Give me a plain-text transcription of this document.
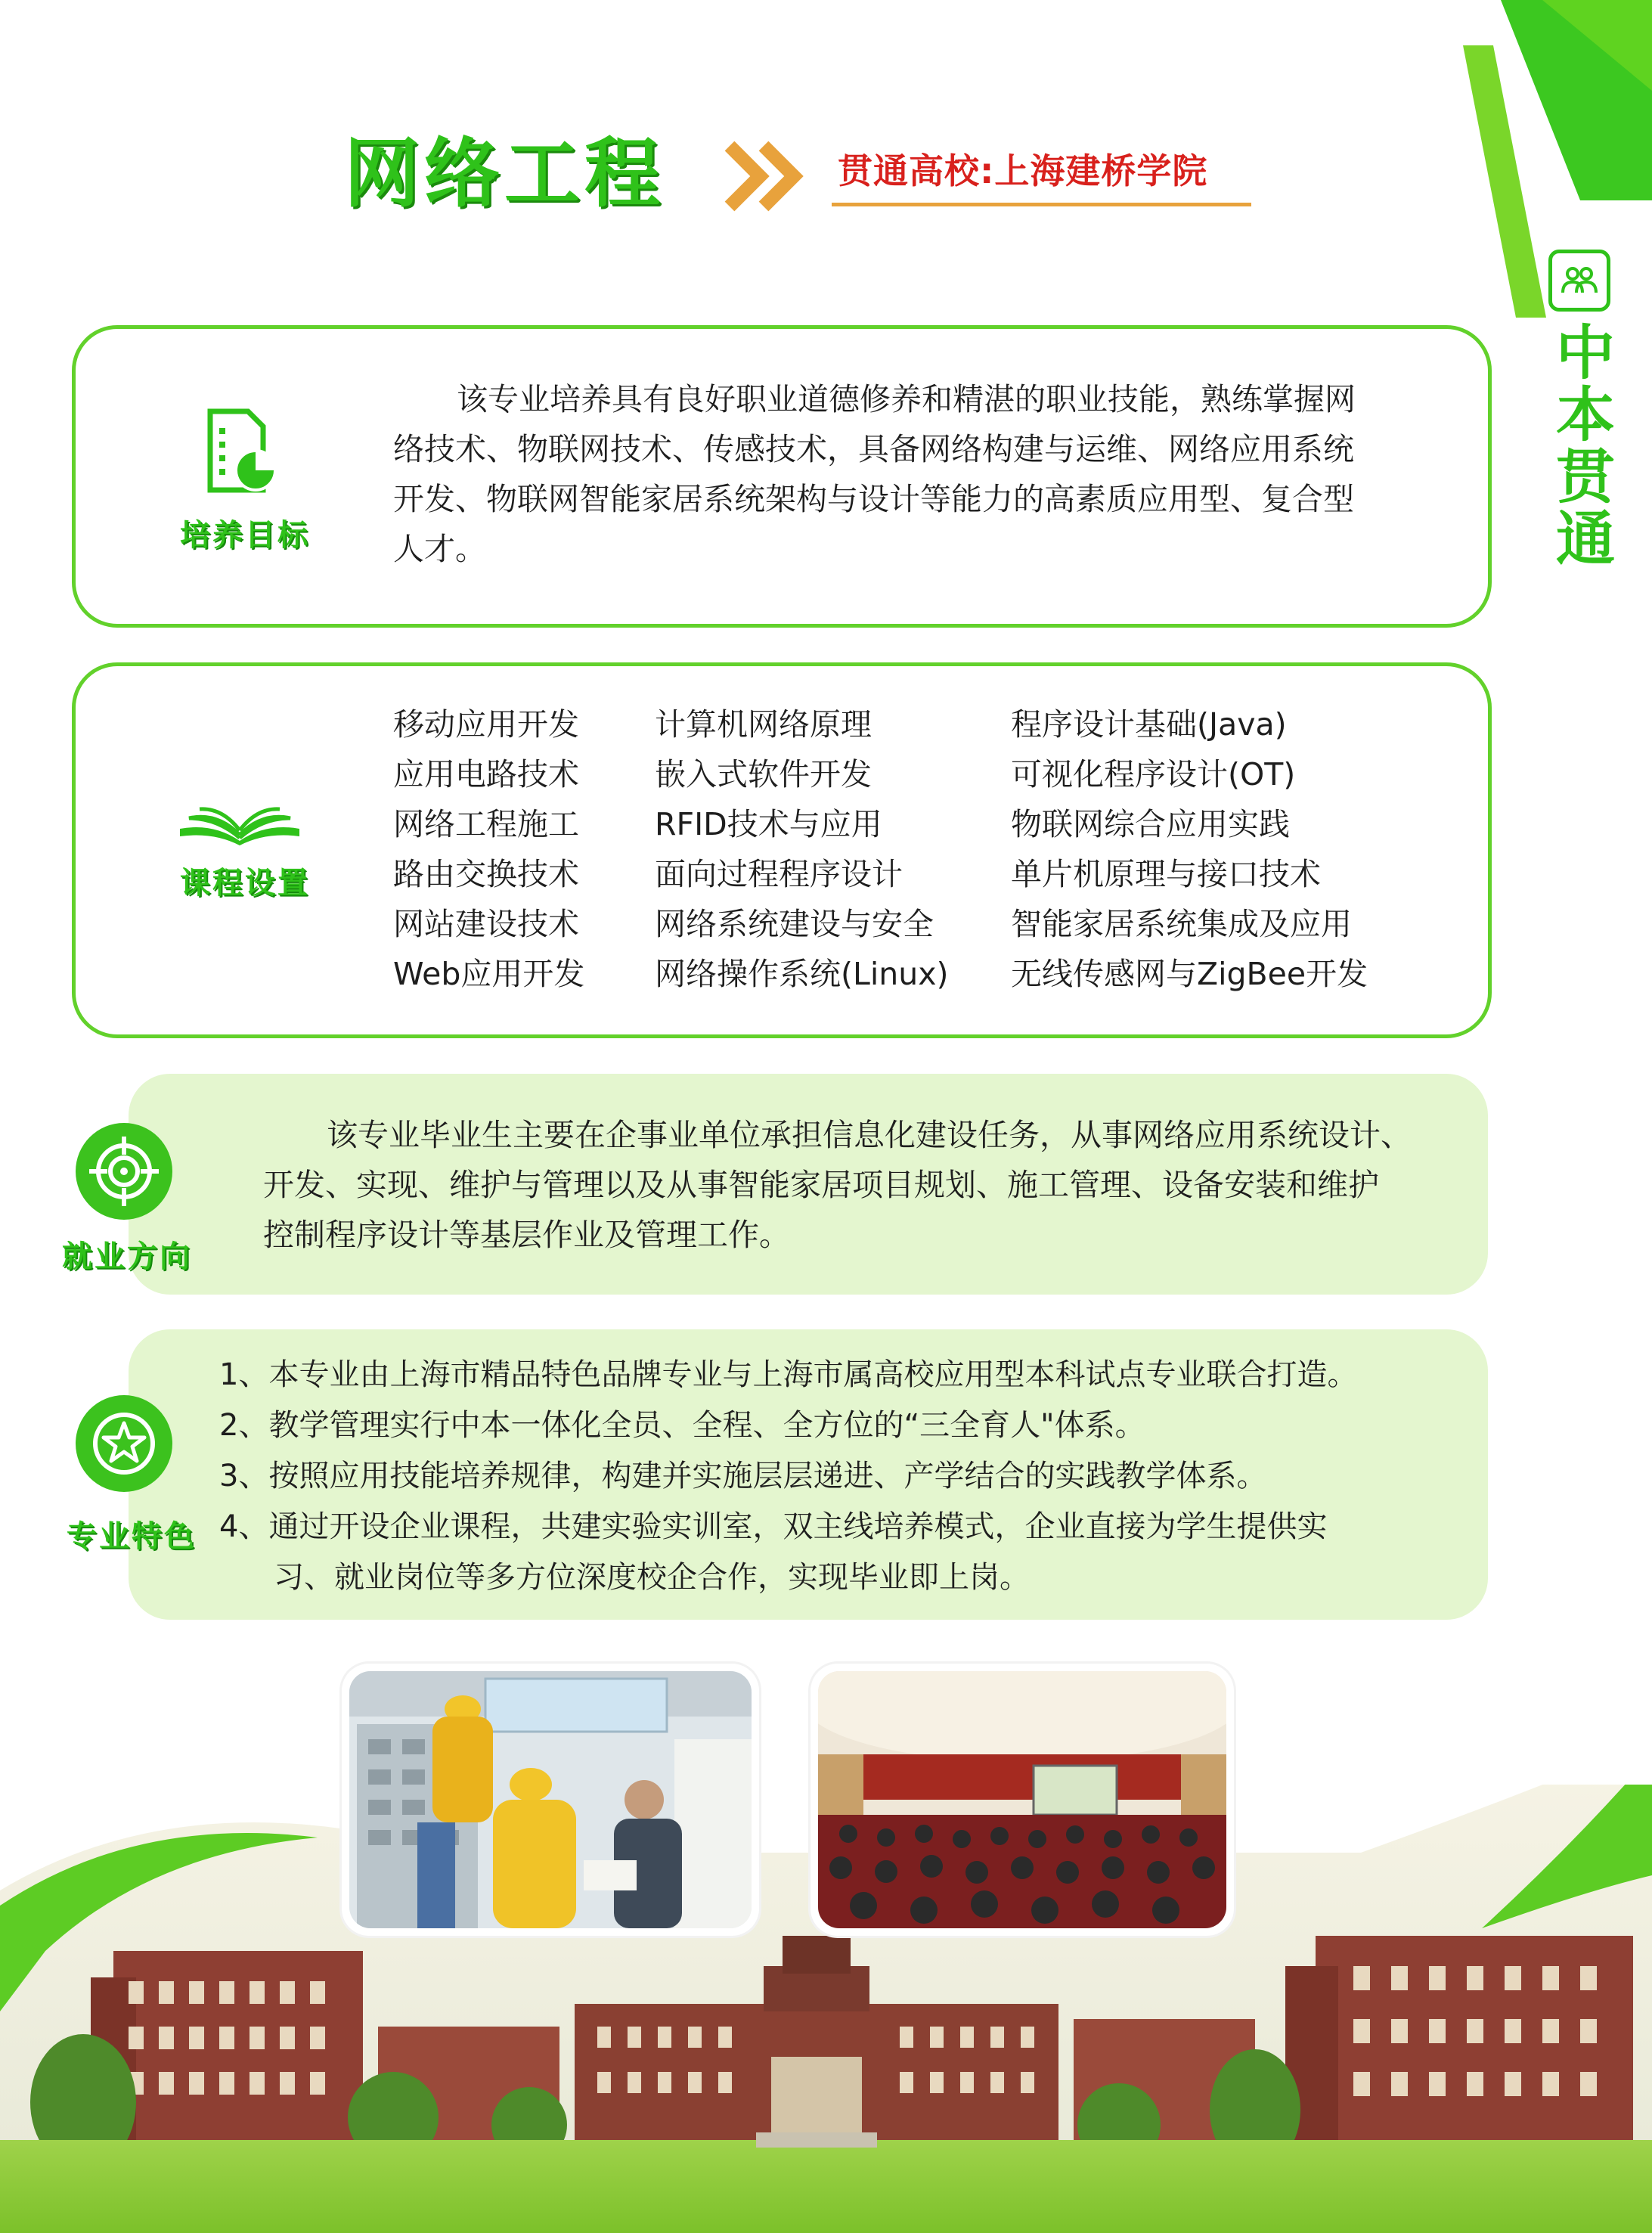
网络工程	贯通高校:上海建桥学院
中本贯通
培养目标
该专业培养具有良好职业道德修养和精湛的职业技能，熟练掌握网
络技术、物联网技术、传感技术，具备网络构建与运维、网络应用系统
开发、物联网智能家居系统架构与设计等能力的高素质应用型、复合型
人才。
课程设置
移动应用开发
应用电路技术
网络工程施工
路由交换技术
网站建设技术
Web应用开发
计算机网络原理
嵌入式软件开发
RFID技术与应用
面向过程程序设计
网络系统建设与安全
网络操作系统(Linux)
程序设计基础(Java)
可视化程序设计(OT)
物联网综合应用实践
单片机原理与接口技术
智能家居系统集成及应用
无线传感网与ZigBee开发
就业方向
该专业毕业生主要在企事业单位承担信息化建设任务，从事网络应用系统设计、
开发、实现、维护与管理以及从事智能家居项目规划、施工管理、设备安装和维护
控制程序设计等基层作业及管理工作。
专业特色
1、本专业由上海市精品特色品牌专业与上海市属高校应用型本科试点专业联合打造。
2、教学管理实行中本一体化全员、全程、全方位的“三全育人"体系。
3、按照应用技能培养规律，构建并实施层层递进、产学结合的实践教学体系。
4、通过开设企业课程，共建实验实训室，双主线培养模式，企业直接为学生提供实
习、就业岗位等多方位深度校企合作，实现毕业即上岗。
